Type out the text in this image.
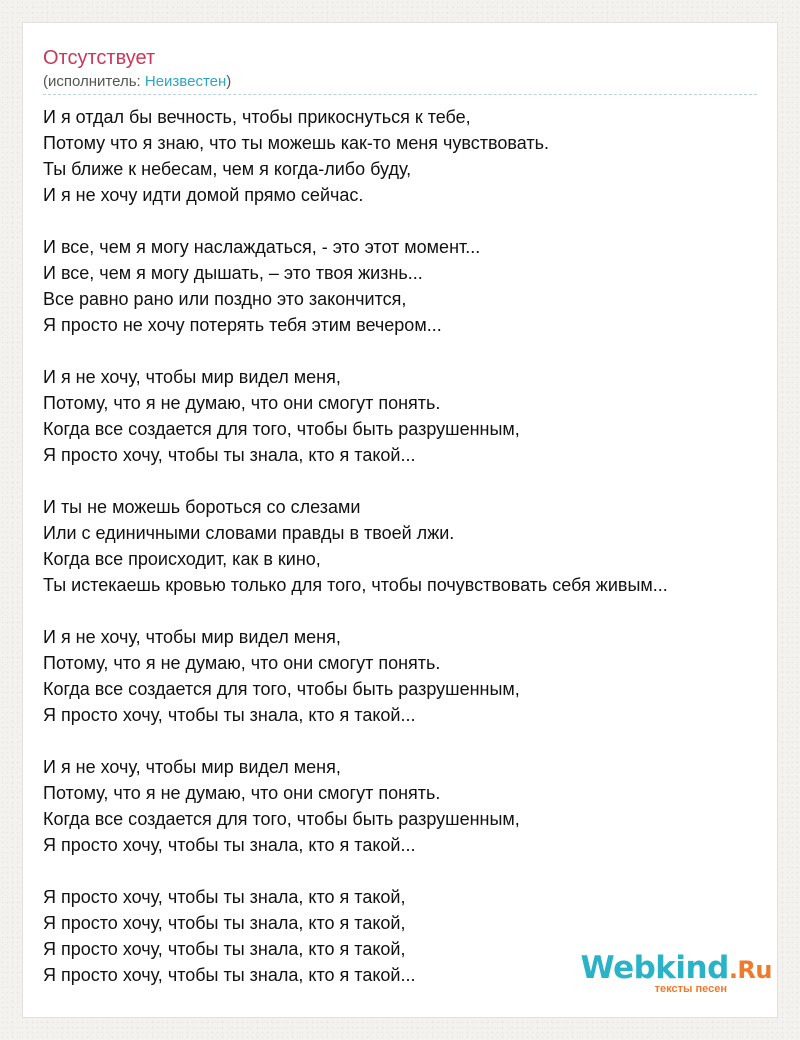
Отсутствует
(исполнитель: Неизвестен)
И я отдал бы вечность, чтобы прикоснуться к тебе,
Потому что я знаю, что ты можешь как-то меня чувствовать.
Ты ближе к небесам, чем я когда-либо буду,
И я не хочу идти домой прямо сейчас.
И все, чем я могу наслаждаться, - это этот момент...
И все, чем я могу дышать, – это твоя жизнь...
Все равно рано или поздно это закончится,
Я просто не хочу потерять тебя этим вечером...
И я не хочу, чтобы мир видел меня,
Потому, что я не думаю, что они смогут понять.
Когда все создается для того, чтобы быть разрушенным,
Я просто хочу, чтобы ты знала, кто я такой...
И ты не можешь бороться со слезами
Или с единичными словами правды в твоей лжи.
Когда все происходит, как в кино,
Ты истекаешь кровью только для того, чтобы почувствовать себя живым...
И я не хочу, чтобы мир видел меня,
Потому, что я не думаю, что они смогут понять.
Когда все создается для того, чтобы быть разрушенным,
Я просто хочу, чтобы ты знала, кто я такой...
И я не хочу, чтобы мир видел меня,
Потому, что я не думаю, что они смогут понять.
Когда все создается для того, чтобы быть разрушенным,
Я просто хочу, чтобы ты знала, кто я такой...
Я просто хочу, чтобы ты знала, кто я такой,
Я просто хочу, чтобы ты знала, кто я такой,
Я просто хочу, чтобы ты знала, кто я такой,
Я просто хочу, чтобы ты знала, кто я такой...	Webkind.Ru
тексты песен
